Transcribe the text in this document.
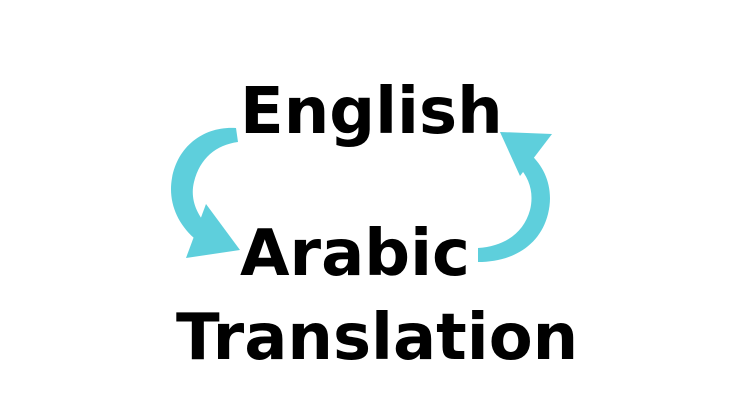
English
Arabic
Translation
